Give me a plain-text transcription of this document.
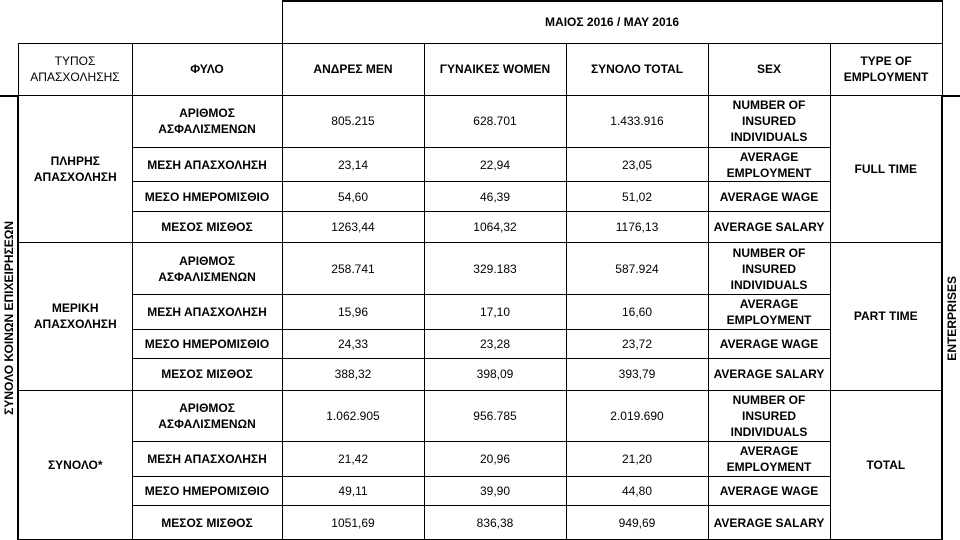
			ΜΑΙΟΣ 2016 / MAY 2016					
	ΤΥΠΟΣ ΑΠΑΣΧΟΛΗΣΗΣ	ΦΥΛΟ	ΑΝΔΡΕΣ MEN	ΓΥΝΑΙΚΕΣ WOMEN	ΣΥΝΟΛΟ TOTAL	SEX	TYPE OF EMPLOYMENT	

ΣΥΝΟΛΟ ΚΟΙΝΩΝ ΕΠΙΧΕΙΡΗΣΕΩΝ	ΠΛΗΡΗΣ ΑΠΑΣΧΟΛΗΣΗ	ΑΡΙΘΜΟΣ ΑΣΦΑΛΙΣΜΕΝΩΝ	805.215	628.701	1.433.916	NUMBER OF INSURED INDIVIDUALS	FULL TIME	ENTERPRISES

		ΜΕΣΗ ΑΠΑΣΧΟΛΗΣΗ	23,14	22,94	23,05	AVERAGE EMPLOYMENT		
		ΜΕΣΟ ΗΜΕΡΟΜΙΣΘΙΟ	54,60	46,39	51,02	AVERAGE WAGE		
		ΜΕΣΟΣ ΜΙΣΘΟΣ	1263,44	1064,32	1176,13	AVERAGE SALARY		
	ΜΕΡΙΚΗ ΑΠΑΣΧΟΛΗΣΗ	ΑΡΙΘΜΟΣ ΑΣΦΑΛΙΣΜΕΝΩΝ	258.741	329.183	587.924	NUMBER OF INSURED INDIVIDUALS	PART TIME	
		ΜΕΣΗ ΑΠΑΣΧΟΛΗΣΗ	15,96	17,10	16,60	AVERAGE EMPLOYMENT		
		ΜΕΣΟ ΗΜΕΡΟΜΙΣΘΙΟ	24,33	23,28	23,72	AVERAGE WAGE		
		ΜΕΣΟΣ ΜΙΣΘΟΣ	388,32	398,09	393,79	AVERAGE SALARY		
	ΣΥΝΟΛΟ*	ΑΡΙΘΜΟΣ ΑΣΦΑΛΙΣΜΕΝΩΝ	1.062.905	956.785	2.019.690	NUMBER OF INSURED INDIVIDUALS	TOTAL	
		ΜΕΣΗ ΑΠΑΣΧΟΛΗΣΗ	21,42	20,96	21,20	AVERAGE EMPLOYMENT		
		ΜΕΣΟ ΗΜΕΡΟΜΙΣΘΙΟ	49,11	39,90	44,80	AVERAGE WAGE		
		ΜΕΣΟΣ ΜΙΣΘΟΣ	1051,69	836,38	949,69	AVERAGE SALARY		
